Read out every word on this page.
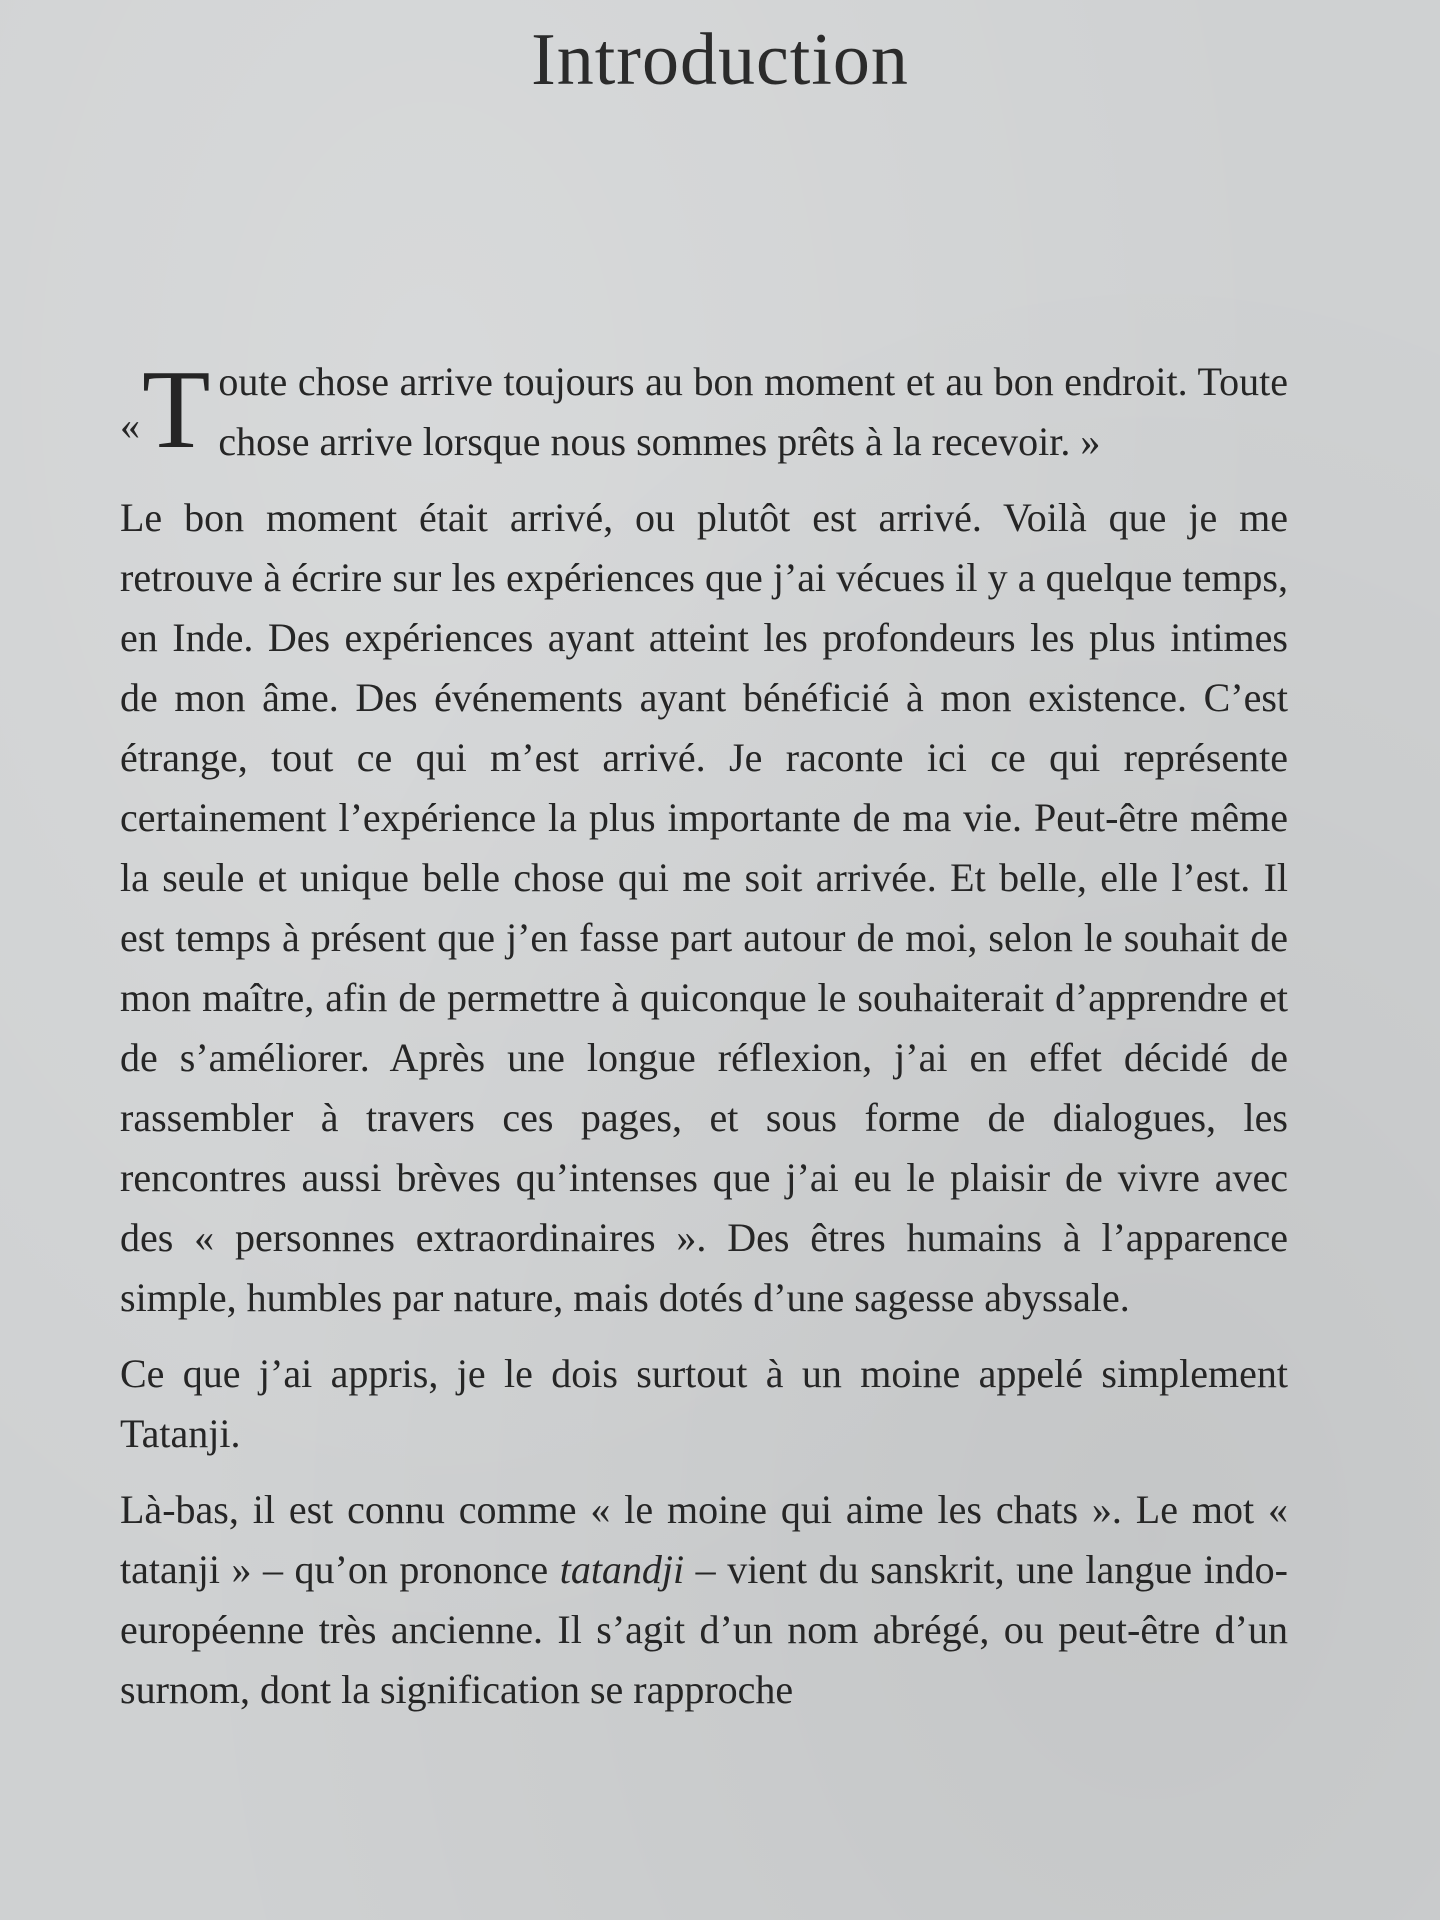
Introduction

« T oute chose arrive toujours au bon moment et au bon endroit. Toute chose arrive lorsque nous sommes prêts à la recevoir. »

Le bon moment était arrivé, ou plutôt est arrivé. Voilà que je me retrouve à écrire sur les expériences que j’ai vécues il y a quelque temps, en Inde. Des expériences ayant atteint les profondeurs les plus intimes de mon âme. Des événements ayant bénéficié à mon existence. C’est étrange, tout ce qui m’est arrivé. Je raconte ici ce qui représente certainement l’expérience la plus importante de ma vie. Peut-être même la seule et unique belle chose qui me soit arrivée. Et belle, elle l’est. Il est temps à présent que j’en fasse part autour de moi, selon le souhait de mon maître, afin de permettre à quiconque le souhaiterait d’apprendre et de s’améliorer. Après une longue réflexion, j’ai en effet décidé de rassembler à travers ces pages, et sous forme de dialogues, les rencontres aussi brèves qu’intenses que j’ai eu le plaisir de vivre avec des « personnes extraordinaires ». Des êtres humains à l’apparence simple, humbles par nature, mais dotés d’une sagesse abyssale.

Ce que j’ai appris, je le dois surtout à un moine appelé simplement Tatanji.

Là-bas, il est connu comme « le moine qui aime les chats ». Le mot « tatanji » – qu’on prononce tatandji – vient du sanskrit, une langue indo-européenne très ancienne. Il s’agit d’un nom abrégé, ou peut-être d’un surnom, dont la signification se rapproche
